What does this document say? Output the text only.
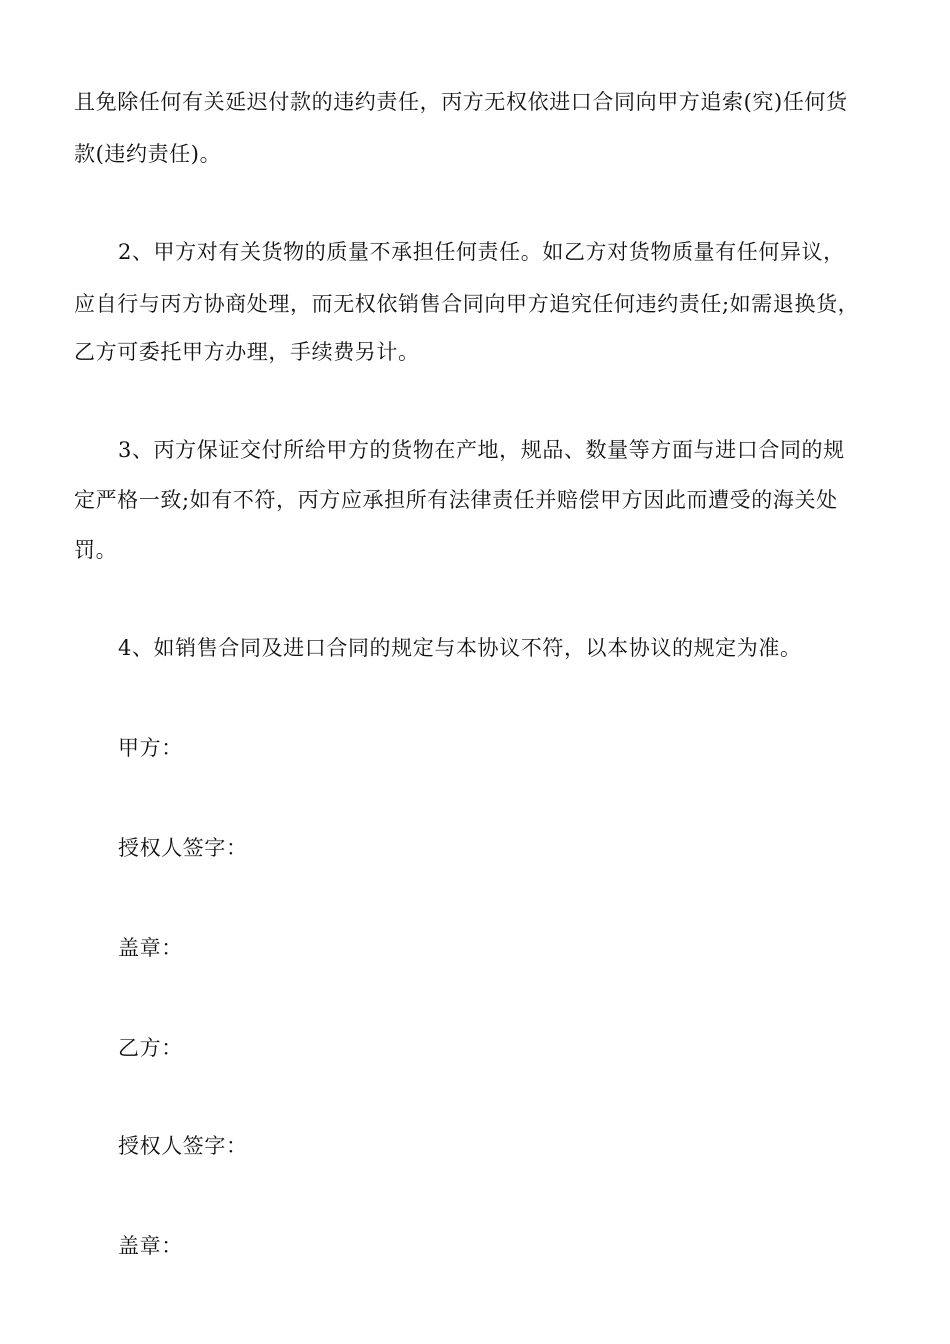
且免除任何有关延迟付款的违约责任，丙方无权依进口合同向甲方追索(究)任何货
款(违约责任)。
2、甲方对有关货物的质量不承担任何责任。如乙方对货物质量有任何异议，
应自行与丙方协商处理，而无权依销售合同向甲方追究任何违约责任;如需退换货，
乙方可委托甲方办理，手续费另计。
3、丙方保证交付所给甲方的货物在产地，规品、数量等方面与进口合同的规
定严格一致;如有不符，丙方应承担所有法律责任并赔偿甲方因此而遭受的海关处
罚。
4、如销售合同及进口合同的规定与本协议不符，以本协议的规定为准。
甲方：
授权人签字：
盖章：
乙方：
授权人签字：
盖章：
